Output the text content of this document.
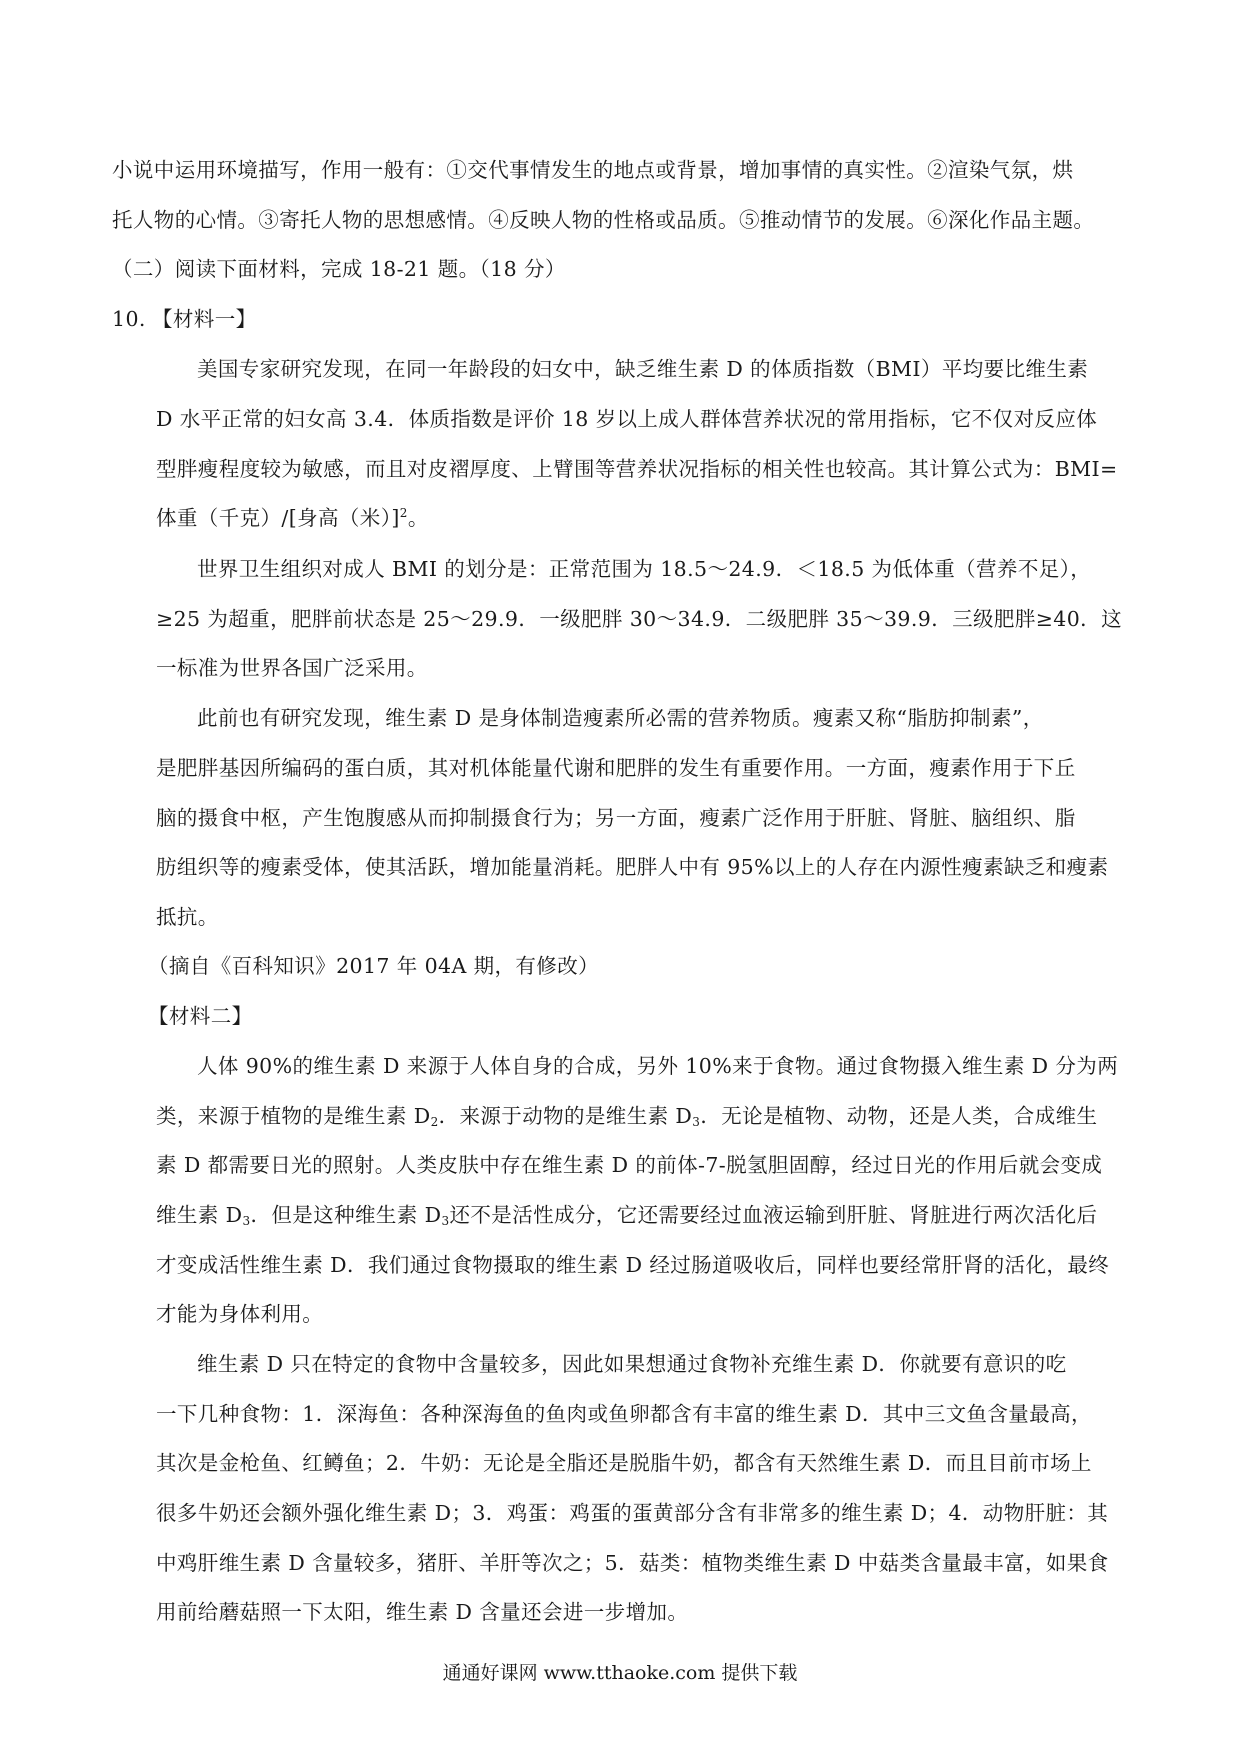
小说中运用环境描写，作用一般有：①交代事情发生的地点或背景，增加事情的真实性。②渲染气氛，烘
托人物的心情。③寄托人物的思想感情。④反映人物的性格或品质。⑤推动情节的发展。⑥深化作品主题。
（二）阅读下面材料，完成 18-21 题。（18 分）
10. 【材料一】
美国专家研究发现，在同一年龄段的妇女中，缺乏维生素 D 的体质指数（BMI）平均要比维生素
D 水平正常的妇女高 3.4．体质指数是评价 18 岁以上成人群体营养状况的常用指标，它不仅对反应体
型胖瘦程度较为敏感，而且对皮褶厚度、上臂围等营养状况指标的相关性也较高。其计算公式为：BMI=
体重（千克）/[身高（米）]$^2$。
世界卫生组织对成人 BMI 的划分是：正常范围为 18.5～24.9．＜18.5 为低体重（营养不足），
≥25 为超重，肥胖前状态是 25～29.9．一级肥胖 30～34.9．二级肥胖 35～39.9．三级肥胖≥40．这
一标准为世界各国广泛采用。
此前也有研究发现，维生素 D 是身体制造瘦素所必需的营养物质。瘦素又称“脂肪抑制素”，
是肥胖基因所编码的蛋白质，其对机体能量代谢和肥胖的发生有重要作用。一方面，瘦素作用于下丘
脑的摄食中枢，产生饱腹感从而抑制摄食行为；另一方面，瘦素广泛作用于肝脏、肾脏、脑组织、脂
肪组织等的瘦素受体，使其活跃，增加能量消耗。肥胖人中有 95%以上的人存在内源性瘦素缺乏和瘦素
抵抗。
（摘自《百科知识》2017 年 04A 期，有修改）
【材料二】
人体 90%的维生素 D 来源于人体自身的合成，另外 10%来于食物。通过食物摄入维生素 D 分为两
类，来源于植物的是维生素 $D_2$．来源于动物的是维生素 $D_3$．无论是植物、动物，还是人类，合成维生
素 D 都需要日光的照射。人类皮肤中存在维生素 D 的前体-7-脱氢胆固醇，经过日光的作用后就会变成
维生素 $D_3$．但是这种维生素 $D_3$还不是活性成分，它还需要经过血液运输到肝脏、肾脏进行两次活化后
才变成活性维生素 D．我们通过食物摄取的维生素 D 经过肠道吸收后，同样也要经常肝肾的活化，最终
才能为身体利用。
维生素 D 只在特定的食物中含量较多，因此如果想通过食物补充维生素 D．你就要有意识的吃
一下几种食物：1．深海鱼：各种深海鱼的鱼肉或鱼卵都含有丰富的维生素 D．其中三文鱼含量最高，
其次是金枪鱼、红鳟鱼；2．牛奶：无论是全脂还是脱脂牛奶，都含有天然维生素 D．而且目前市场上
很多牛奶还会额外强化维生素 D；3．鸡蛋：鸡蛋的蛋黄部分含有非常多的维生素 D；4．动物肝脏：其
中鸡肝维生素 D 含量较多，猪肝、羊肝等次之；5．菇类：植物类维生素 D 中菇类含量最丰富，如果食
用前给蘑菇照一下太阳，维生素 D 含量还会进一步增加。
通通好课网 www.tthaoke.com 提供下载
